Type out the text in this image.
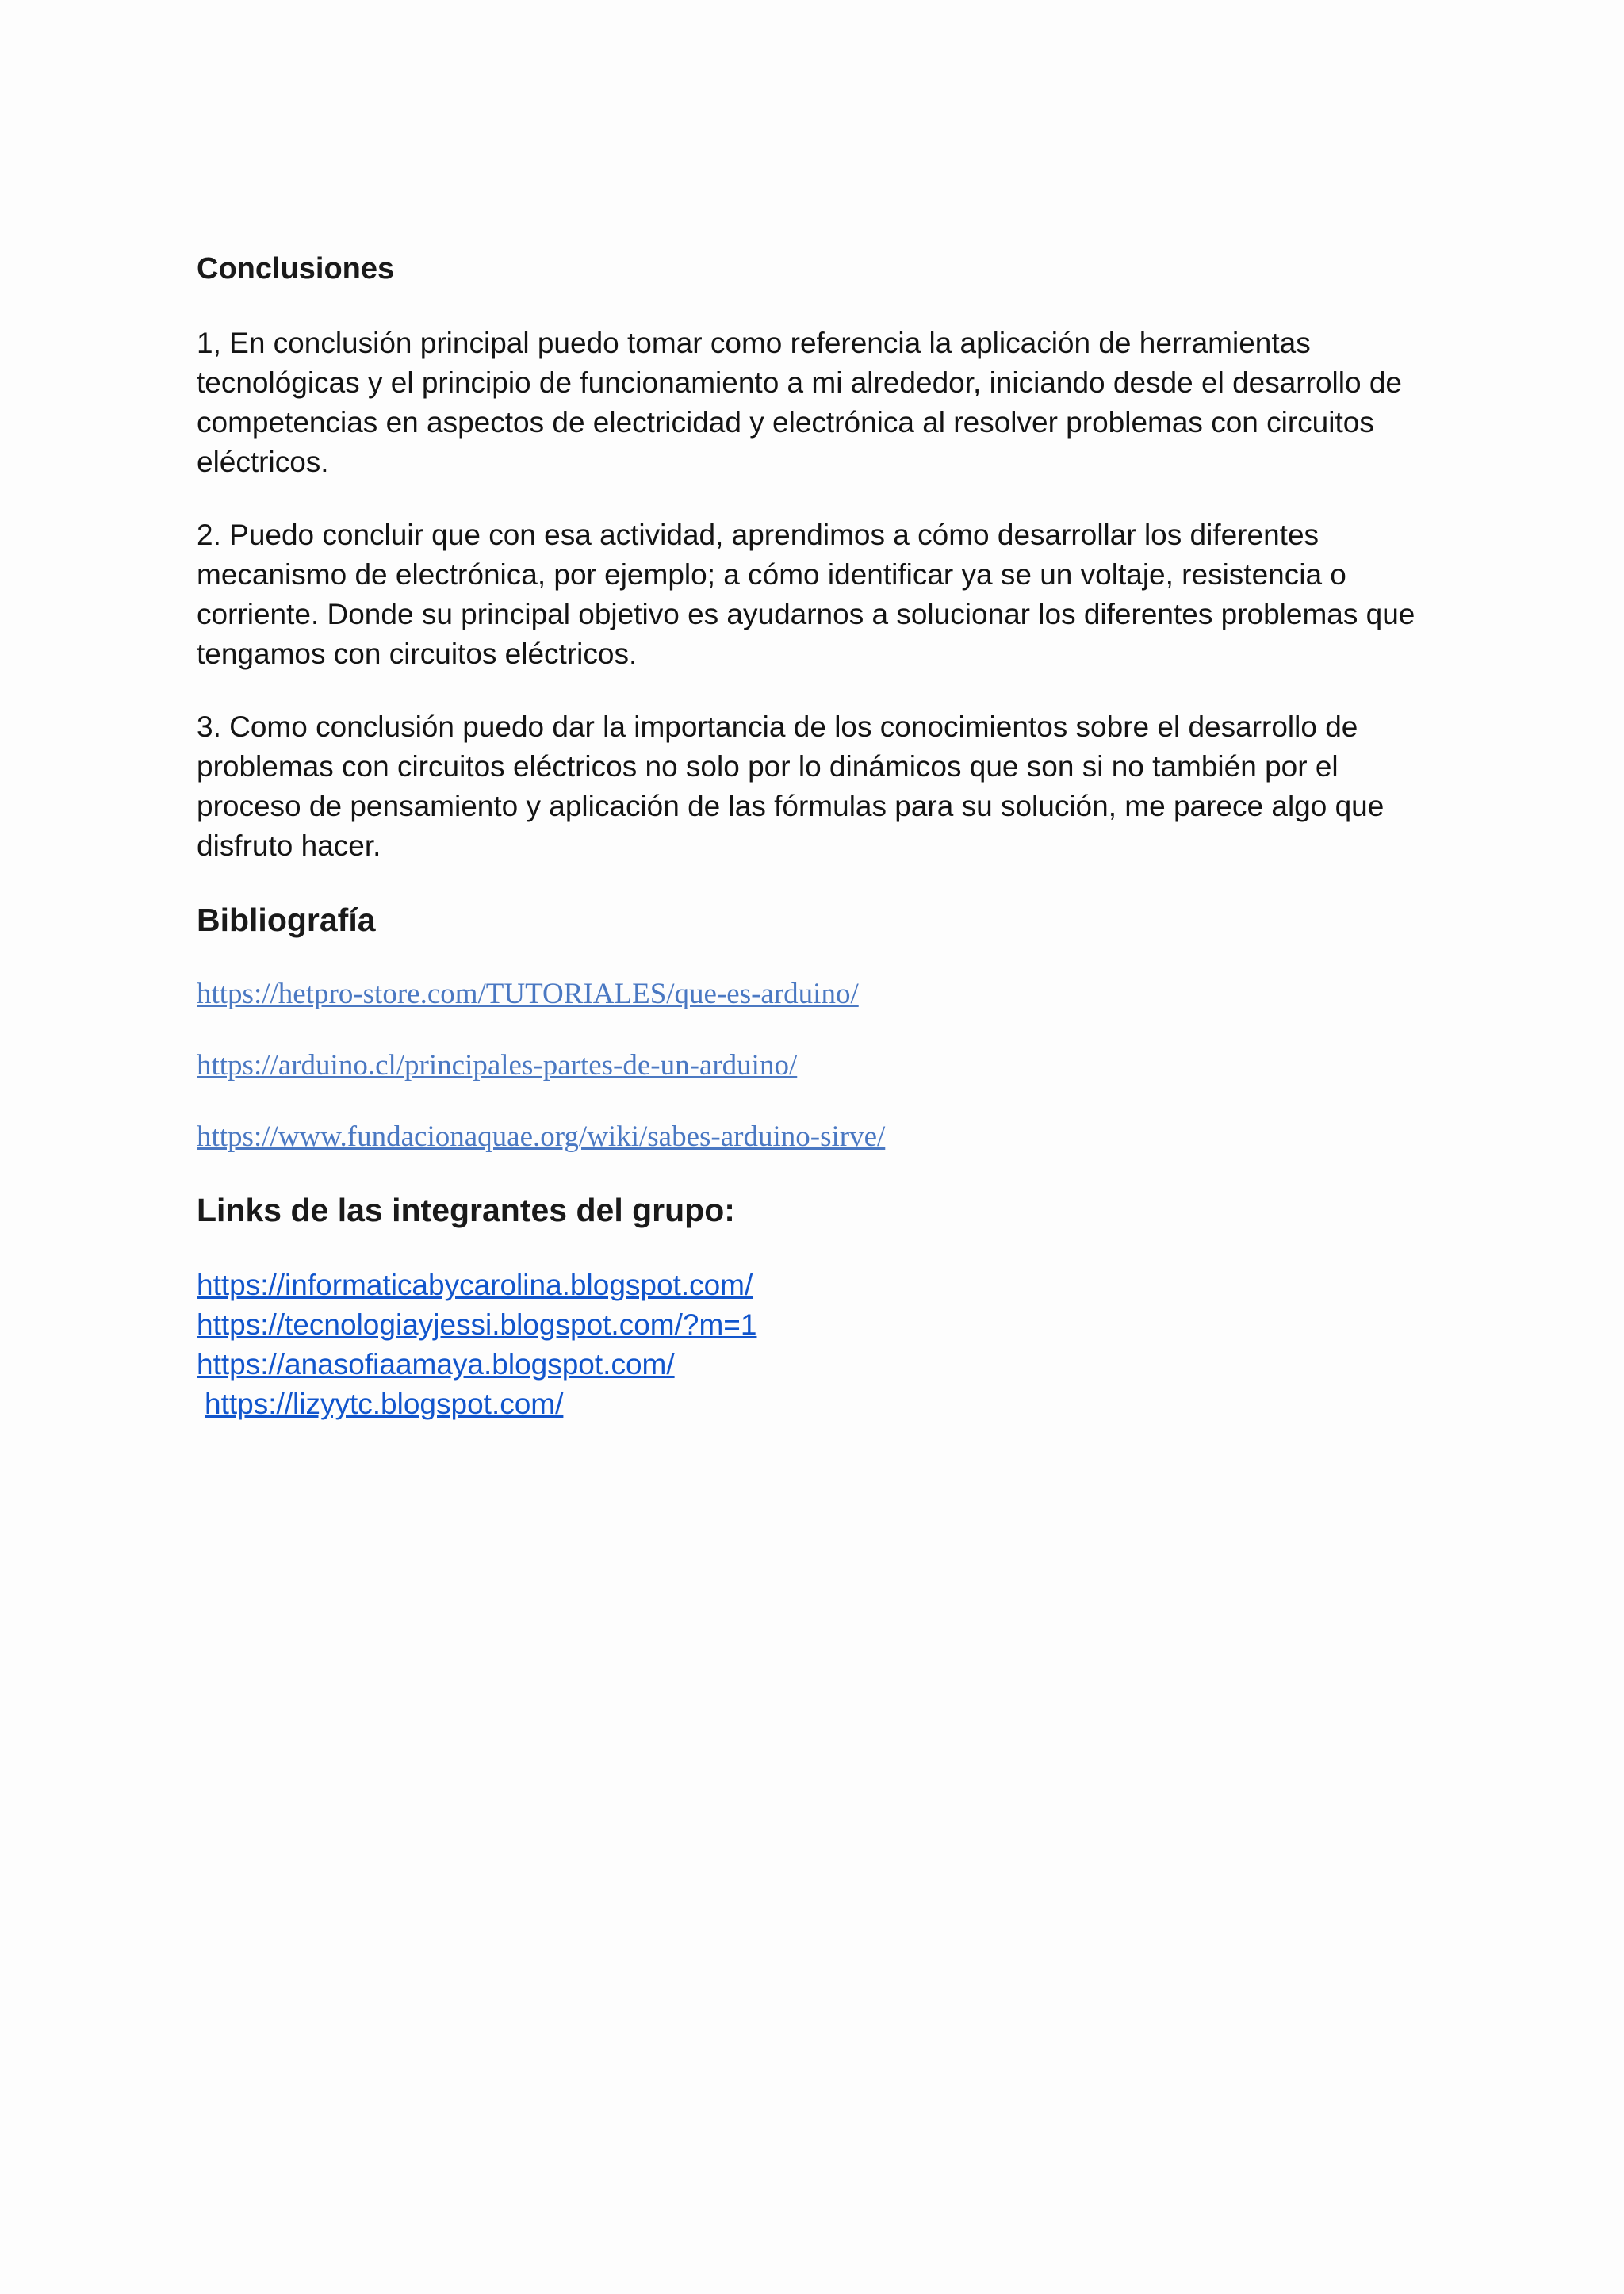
Conclusiones

1, En conclusión principal puedo tomar como referencia la aplicación de herramientas tecnológicas y el principio de funcionamiento a mi alrededor, iniciando desde el desarrollo de competencias en aspectos de electricidad y electrónica al resolver problemas con circuitos eléctricos.

2. Puedo concluir que con esa actividad, aprendimos a cómo desarrollar los diferentes mecanismo de electrónica, por ejemplo; a cómo identificar ya se un voltaje, resistencia o corriente. Donde su principal objetivo es ayudarnos a solucionar los diferentes problemas que tengamos con circuitos eléctricos.

3. Como conclusión puedo dar la importancia de los conocimientos sobre el desarrollo de problemas con circuitos eléctricos no solo por lo dinámicos que son si no también por el proceso de pensamiento y aplicación de las fórmulas para su solución, me parece algo que disfruto hacer.

Bibliografía
https://hetpro-store.com/TUTORIALES/que-es-arduino/
https://arduino.cl/principales-partes-de-un-arduino/
https://www.fundacionaquae.org/wiki/sabes-arduino-sirve/
Links de las integrantes del grupo:
https://informaticabycarolina.blogspot.com/
https://tecnologiayjessi.blogspot.com/?m=1
https://anasofiaamaya.blogspot.com/
https://lizyytc.blogspot.com/
